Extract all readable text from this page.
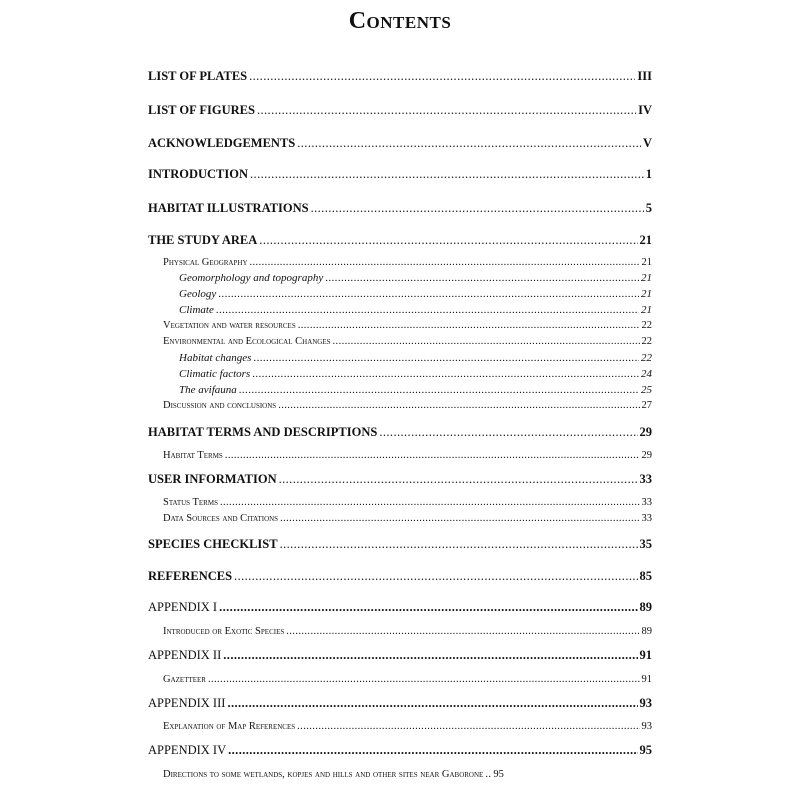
Contents
LIST OF PLATES .....	III
LIST OF FIGURES .....	IV
ACKNOWLEDGEMENTS .....	V
INTRODUCTION .....	1
HABITAT ILLUSTRATIONS .....	5
THE STUDY AREA .....	21
Physical Geography .....	21
Geomorphology and topography .....	21
Geology .....	21
Climate .....	21
Vegetation and water resources .....	22
Environmental and Ecological Changes .....	22
Habitat changes .....	22
Climatic factors .....	24
The avifauna .....	25
Discussion and conclusions .....	27
HABITAT TERMS AND DESCRIPTIONS .....	29
Habitat Terms .....	29
USER INFORMATION .....	33
Status Terms .....	33
Data Sources and Citations .....	33
SPECIES CHECKLIST .....	35
REFERENCES .....	85
APPENDIX I .....	89
Introduced or Exotic Species .....	89
APPENDIX II .....	91
Gazetteer .....	91
APPENDIX III .....	93
Explanation of Map References .....	93
APPENDIX IV .....	95
Directions to some wetlands, kopjes and hills and other sites near Gaborone ..... 95
